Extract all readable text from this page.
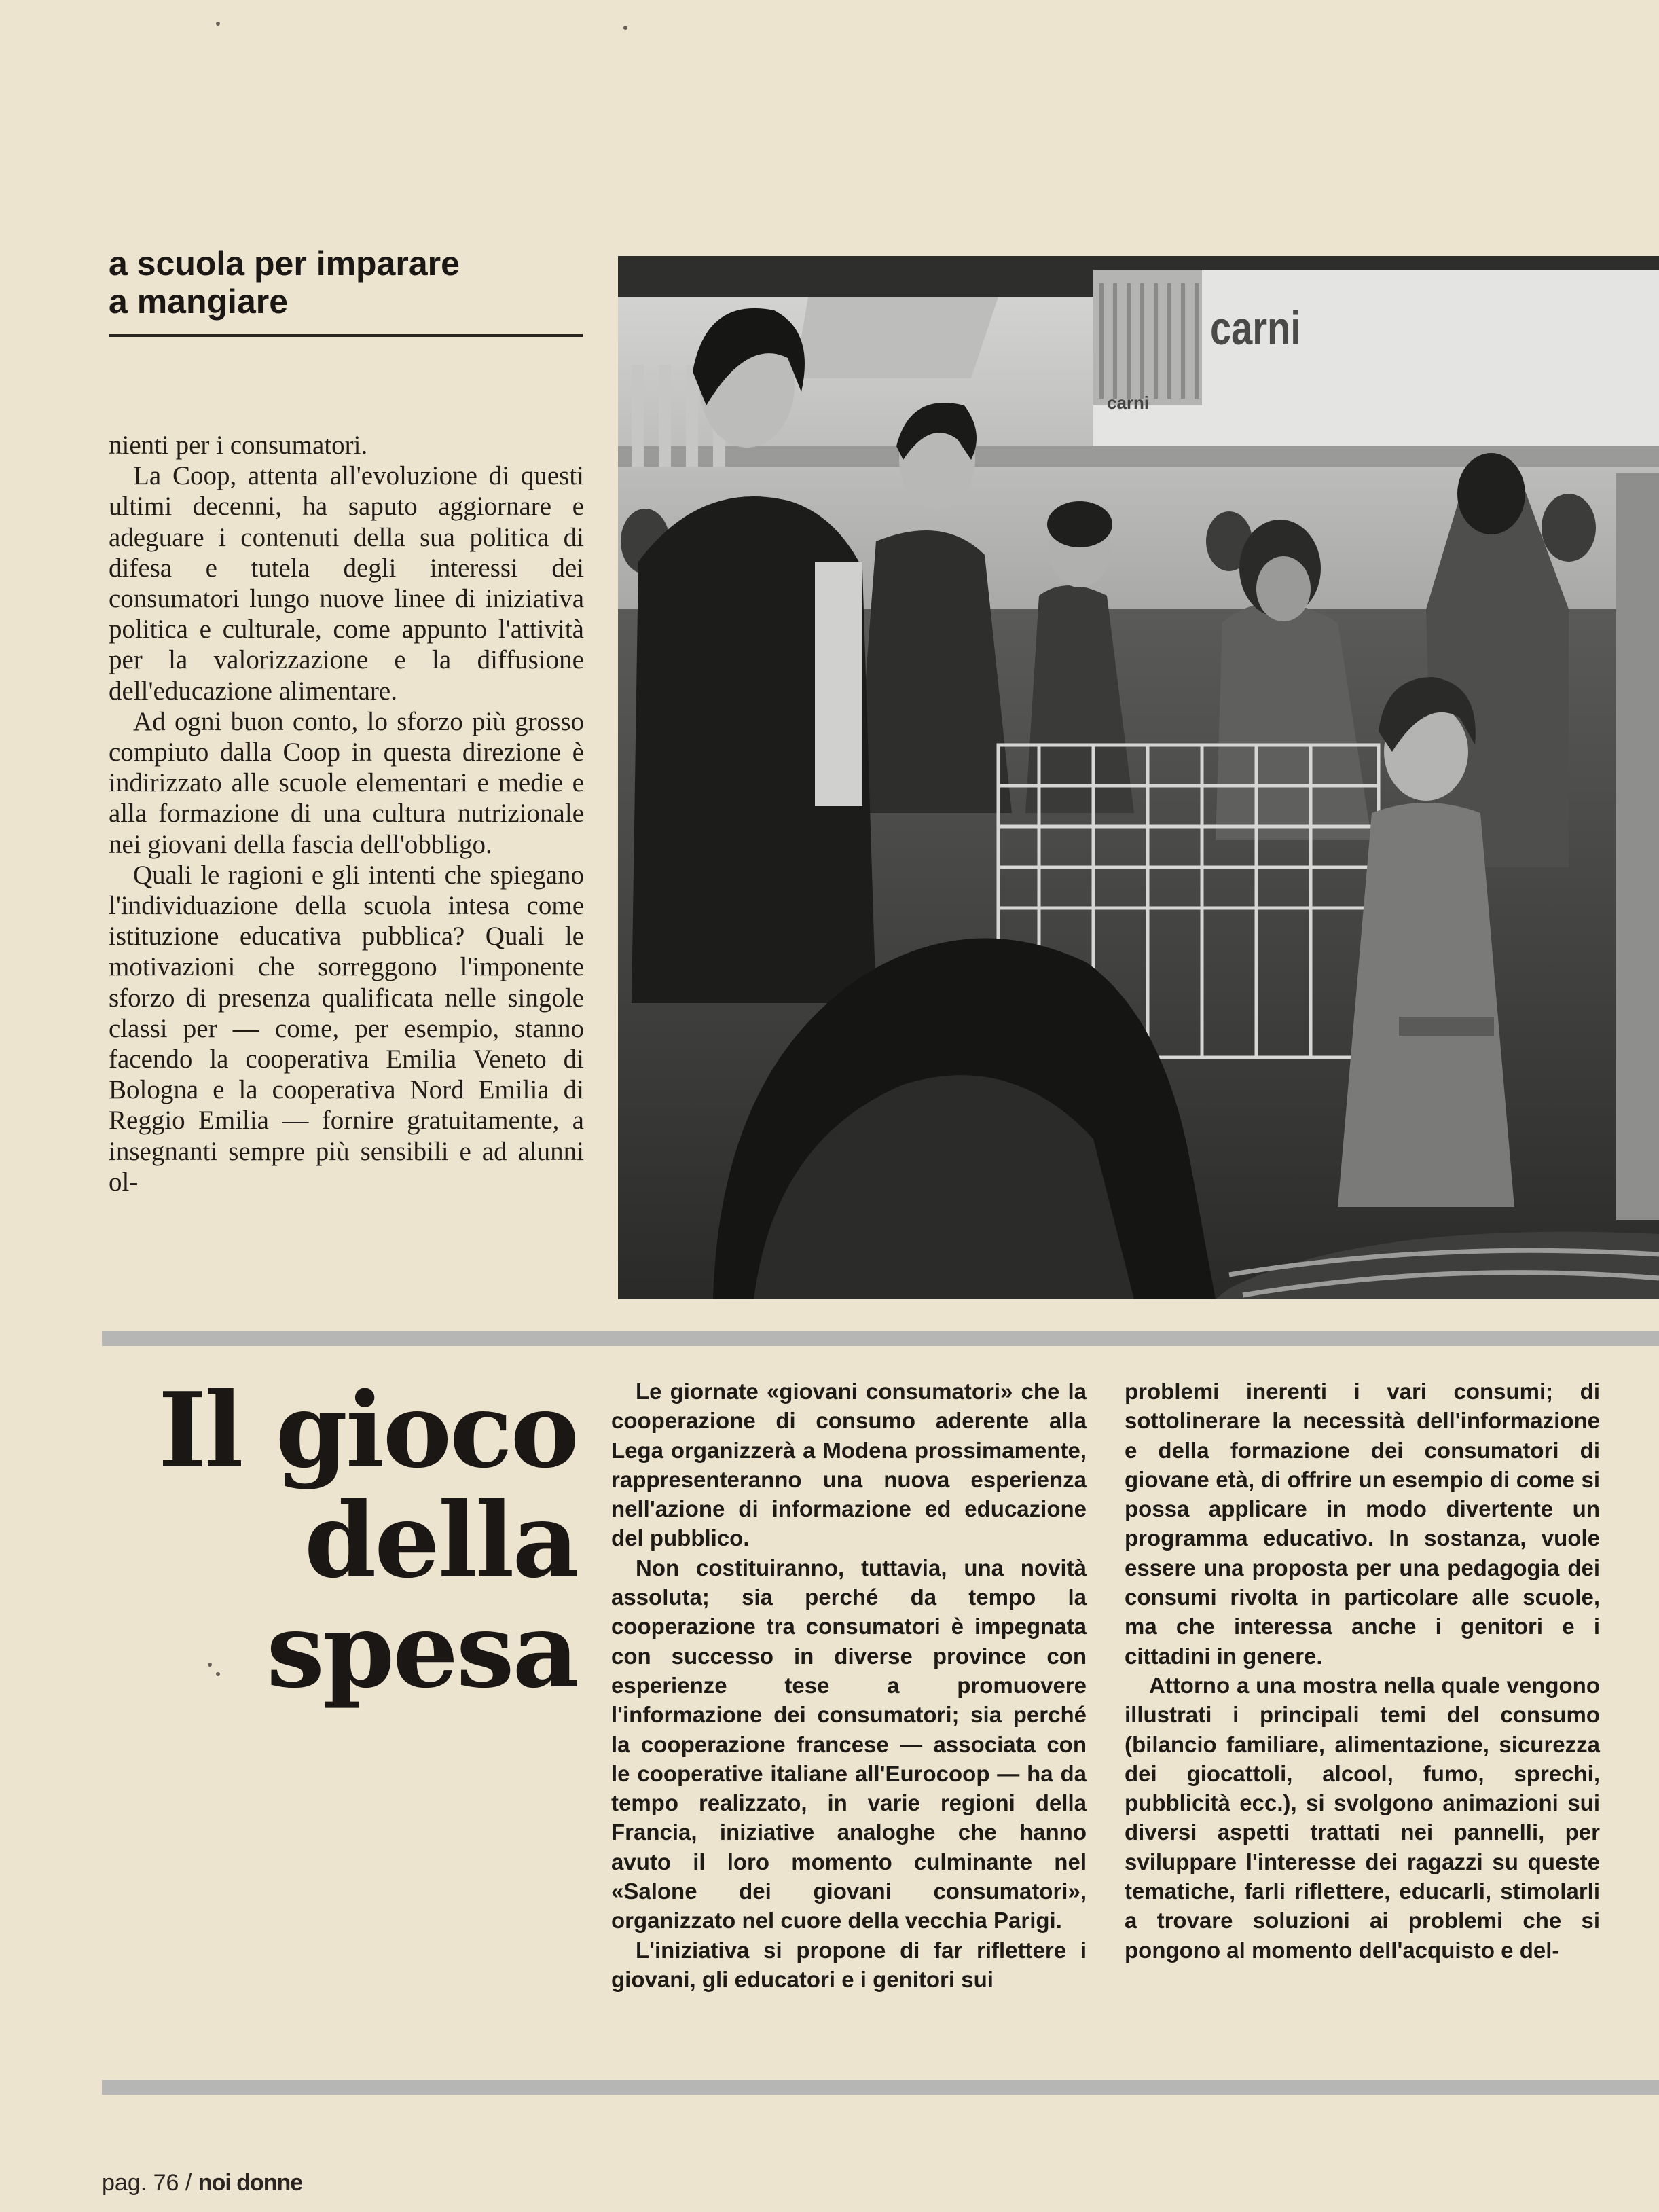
a scuola per imparare
a mangiare

nienti per i consumatori.

La Coop, attenta all'evoluzione di questi ultimi decenni, ha saputo aggiornare e adeguare i contenuti della sua politica di difesa e tutela degli interessi dei consumatori lungo nuove linee di iniziativa politica e culturale, come appunto l'attività per la valorizzazione e la diffusione dell'educazione alimentare.

Ad ogni buon conto, lo sforzo più grosso compiuto dalla Coop in questa direzione è indirizzato alle scuole elementari e medie e alla formazione di una cultura nutrizionale nei giovani della fascia dell'obbligo.

Quali le ragioni e gli intenti che spiegano l'individuazione della scuola intesa come istituzione educativa pubblica? Quali le motivazioni che sorreggono l'imponente sforzo di presenza qualificata nelle singole classi per — come, per esempio, stanno facendo la cooperativa Emilia Veneto di Bologna e la cooperativa Nord Emilia di Reggio Emilia — fornire gratuitamente, a insegnanti sempre più sensibili e ad alunni ol-

carni
carni
Il gioco
della
spesa

Le giornate «giovani consumatori» che la cooperazione di consumo aderente alla Lega organizzerà a Modena prossimamente, rappresenteranno una nuova esperienza nell'azione di informazione ed educazione del pubblico.

Non costituiranno, tuttavia, una novità assoluta; sia perché da tempo la cooperazione tra consumatori è impegnata con successo in diverse province con esperienze tese a promuovere l'informazione dei consumatori; sia perché la cooperazione francese — associata con le cooperative italiane all'Eurocoop — ha da tempo realizzato, in varie regioni della Francia, iniziative analoghe che hanno avuto il loro momento culminante nel «Salone dei giovani consumatori», organizzato nel cuore della vecchia Parigi.

L'iniziativa si propone di far riflettere i giovani, gli educatori e i genitori sui

problemi inerenti i vari consumi; di sottolinerare la necessità dell'informazione e della formazione dei consumatori di giovane età, di offrire un esempio di come si possa applicare in modo divertente un programma educativo. In sostanza, vuole essere una proposta per una pedagogia dei consumi rivolta in particolare alle scuole, ma che interessa anche i genitori e i cittadini in genere.

Attorno a una mostra nella quale vengono illustrati i principali temi del consumo (bilancio familiare, alimentazione, sicurezza dei giocattoli, alcool, fumo, sprechi, pubblicità ecc.), si svolgono animazioni sui diversi aspetti trattati nei pannelli, per sviluppare l'interesse dei ragazzi su queste tematiche, farli riflettere, educarli, stimolarli a trovare soluzioni ai problemi che si pongono al momento dell'acquisto e del-

pag. 76 / noi donne
